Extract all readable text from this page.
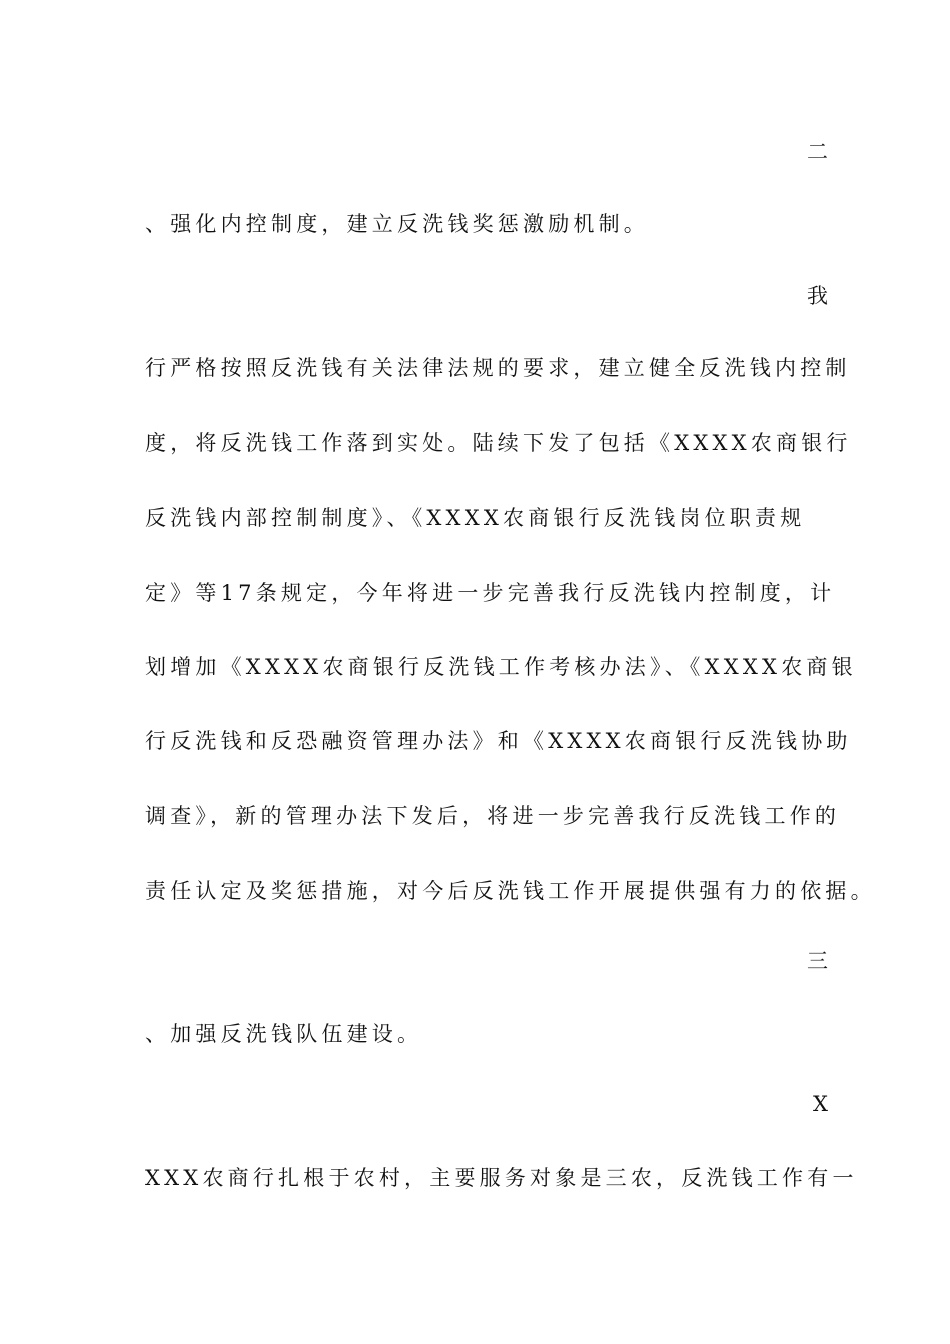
二
、强化内控制度，建立反洗钱奖惩激励机制。
我
行严格按照反洗钱有关法律法规的要求，建立健全反洗钱内控制
度，将反洗钱工作落到实处。陆续下发了包括《XXXX农商银行
反洗钱内部控制制度》、《XXXX农商银行反洗钱岗位职责规
定》等17条规定，今年将进一步完善我行反洗钱内控制度，计
划增加《XXXX农商银行反洗钱工作考核办法》、《XXXX农商银
行反洗钱和反恐融资管理办法》和《XXXX农商银行反洗钱协助
调查》，新的管理办法下发后，将进一步完善我行反洗钱工作的
责任认定及奖惩措施，对今后反洗钱工作开展提供强有力的依据。
三
、加强反洗钱队伍建设。
X
XXX农商行扎根于农村，主要服务对象是三农，反洗钱工作有一
